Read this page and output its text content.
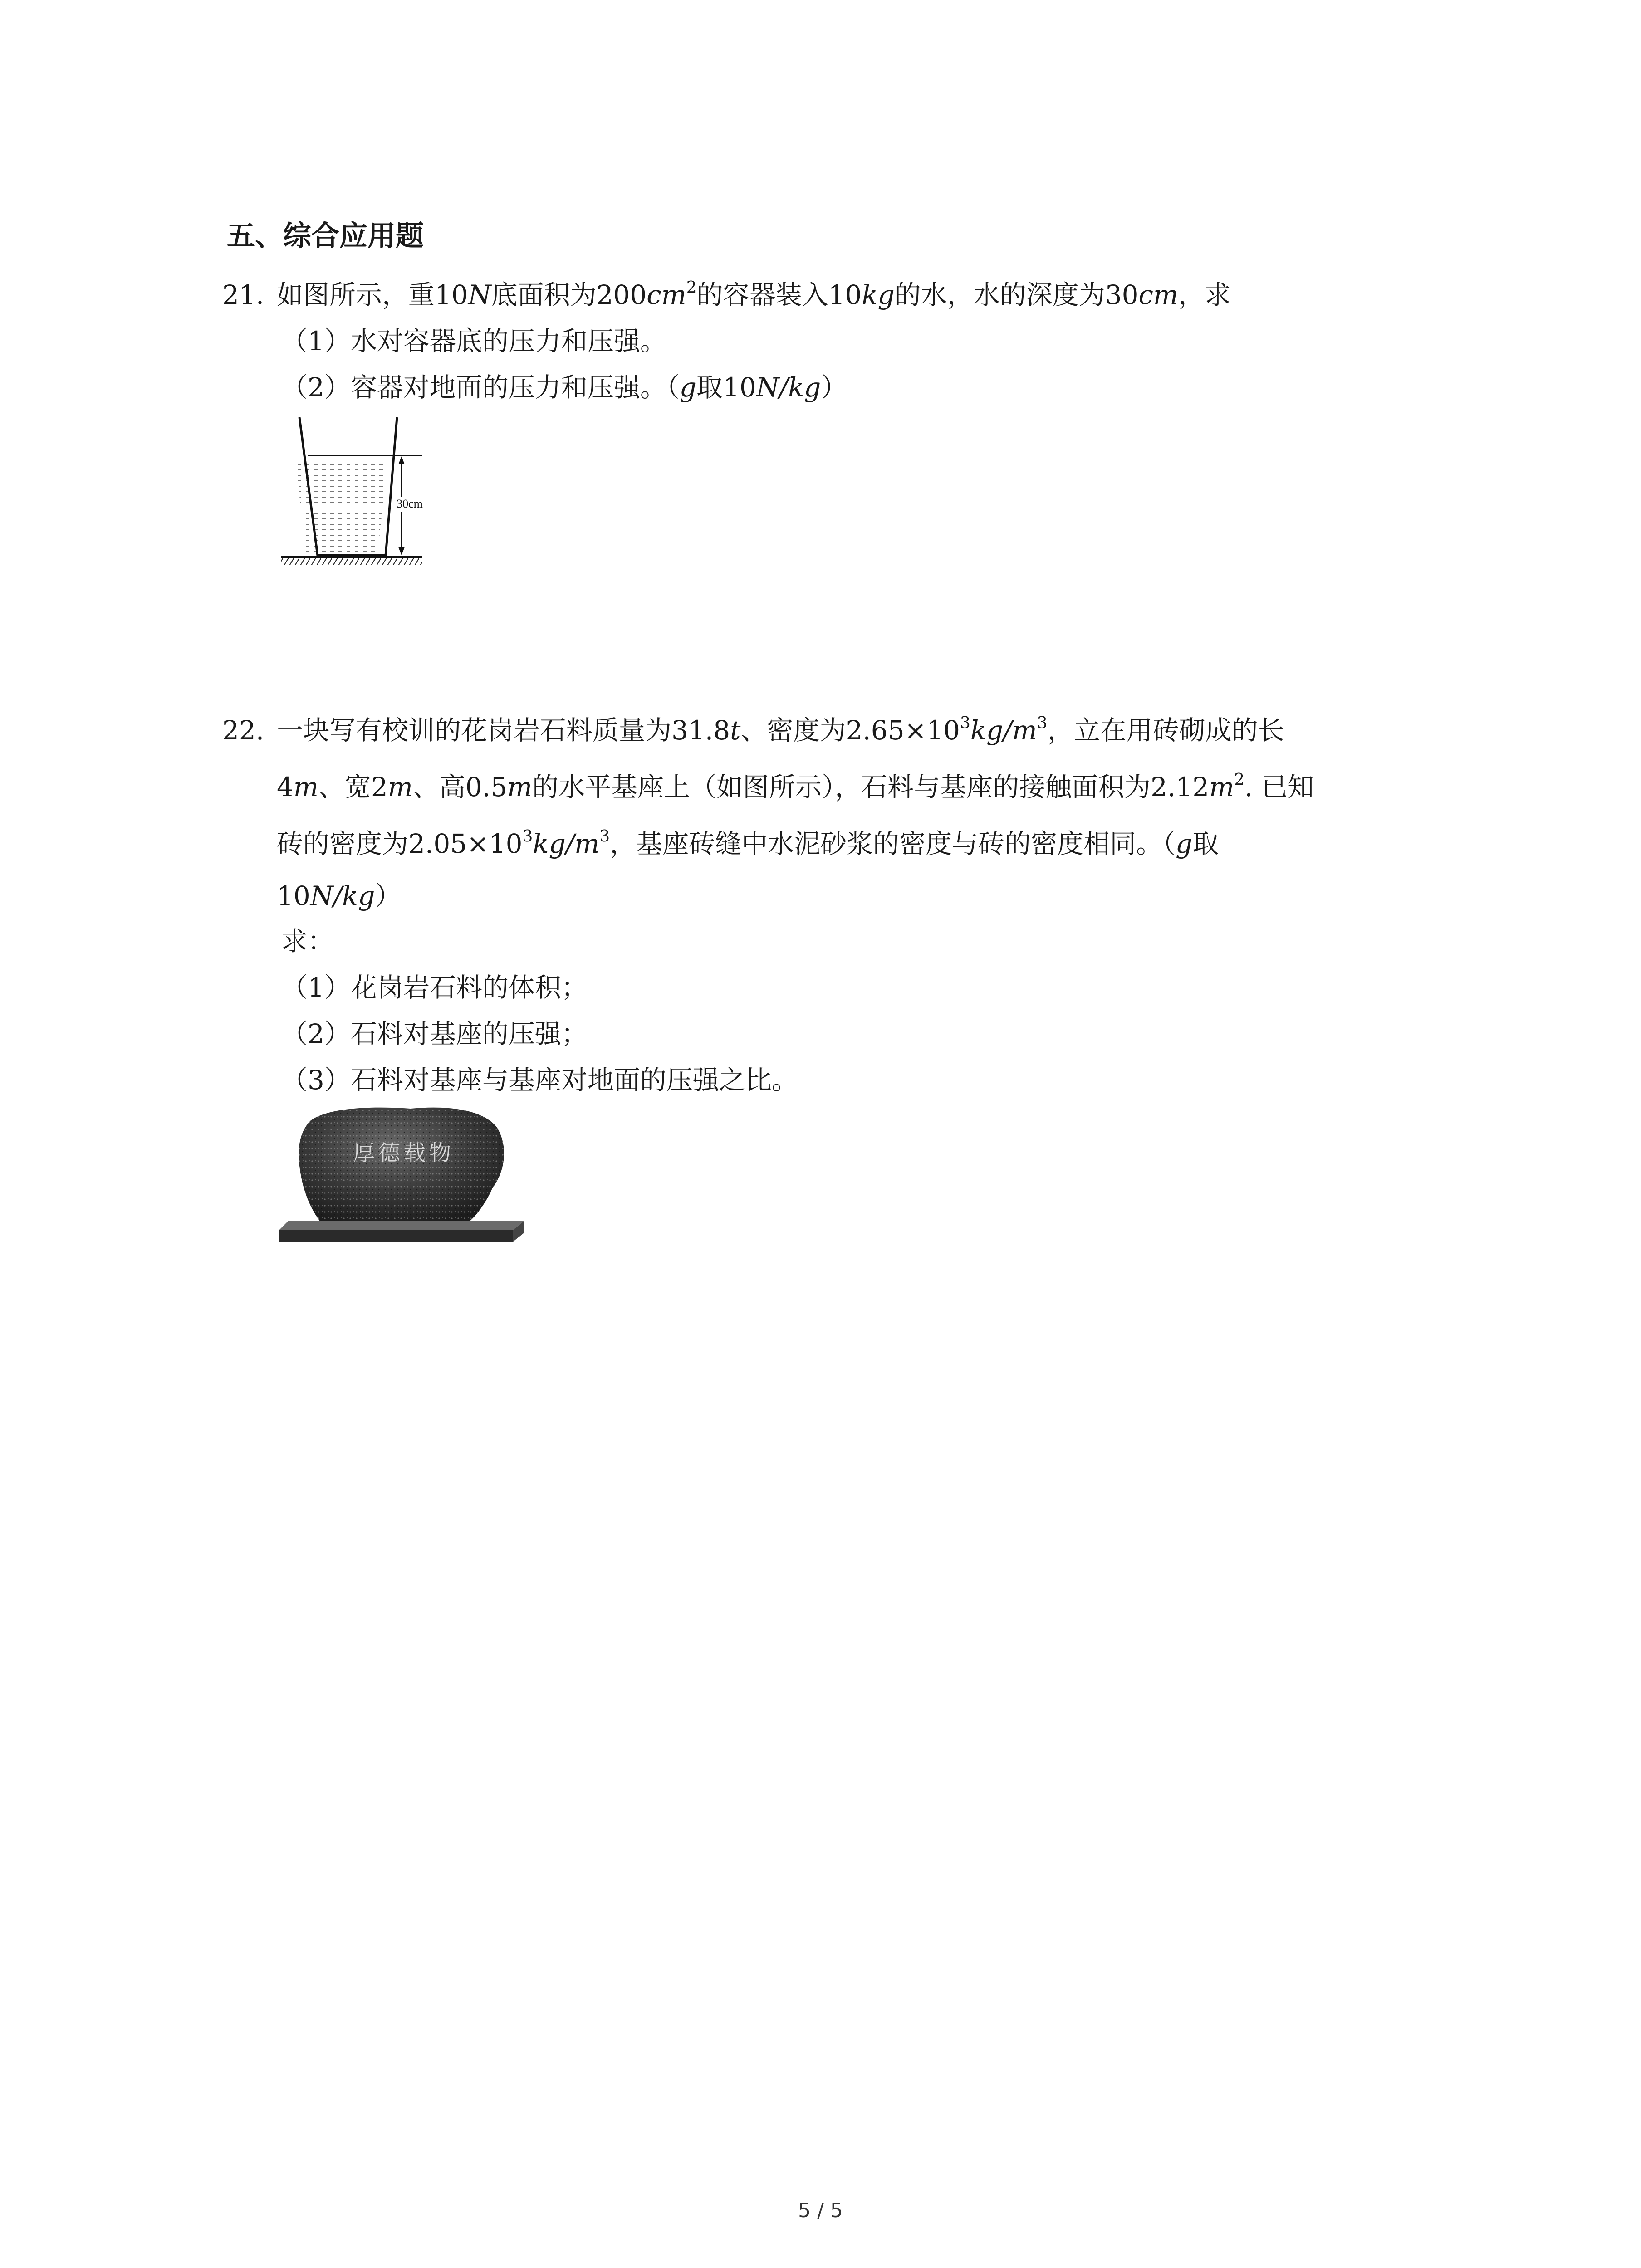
五、综合应用题
21. 如图所示，重10N底面积为$200cm^2$的容器装入10kg的水，水的深度为30cm，求
（1）水对容器底的压力和压强。
（2）容器对地面的压力和压强。（g取10N/kg）
30cm
22. 一块写有校训的花岗岩石料质量为31.8t、密度为$2.65\times 10^3kg/m^3$，立在用砖砌成的长
4m、宽2m、高0.5m的水平基座上（如图所示），石料与基座的接触面积为$2.12m^2$. 已知
砖的密度为$2.05\times 10^3kg/m^3$，基座砖缝中水泥砂浆的密度与砖的密度相同。（g取
10N/kg）
求：
（1）花岗岩石料的体积；
（2）石料对基座的压强；
（3）石料对基座与基座对地面的压强之比。
厚德载物
5 / 5
